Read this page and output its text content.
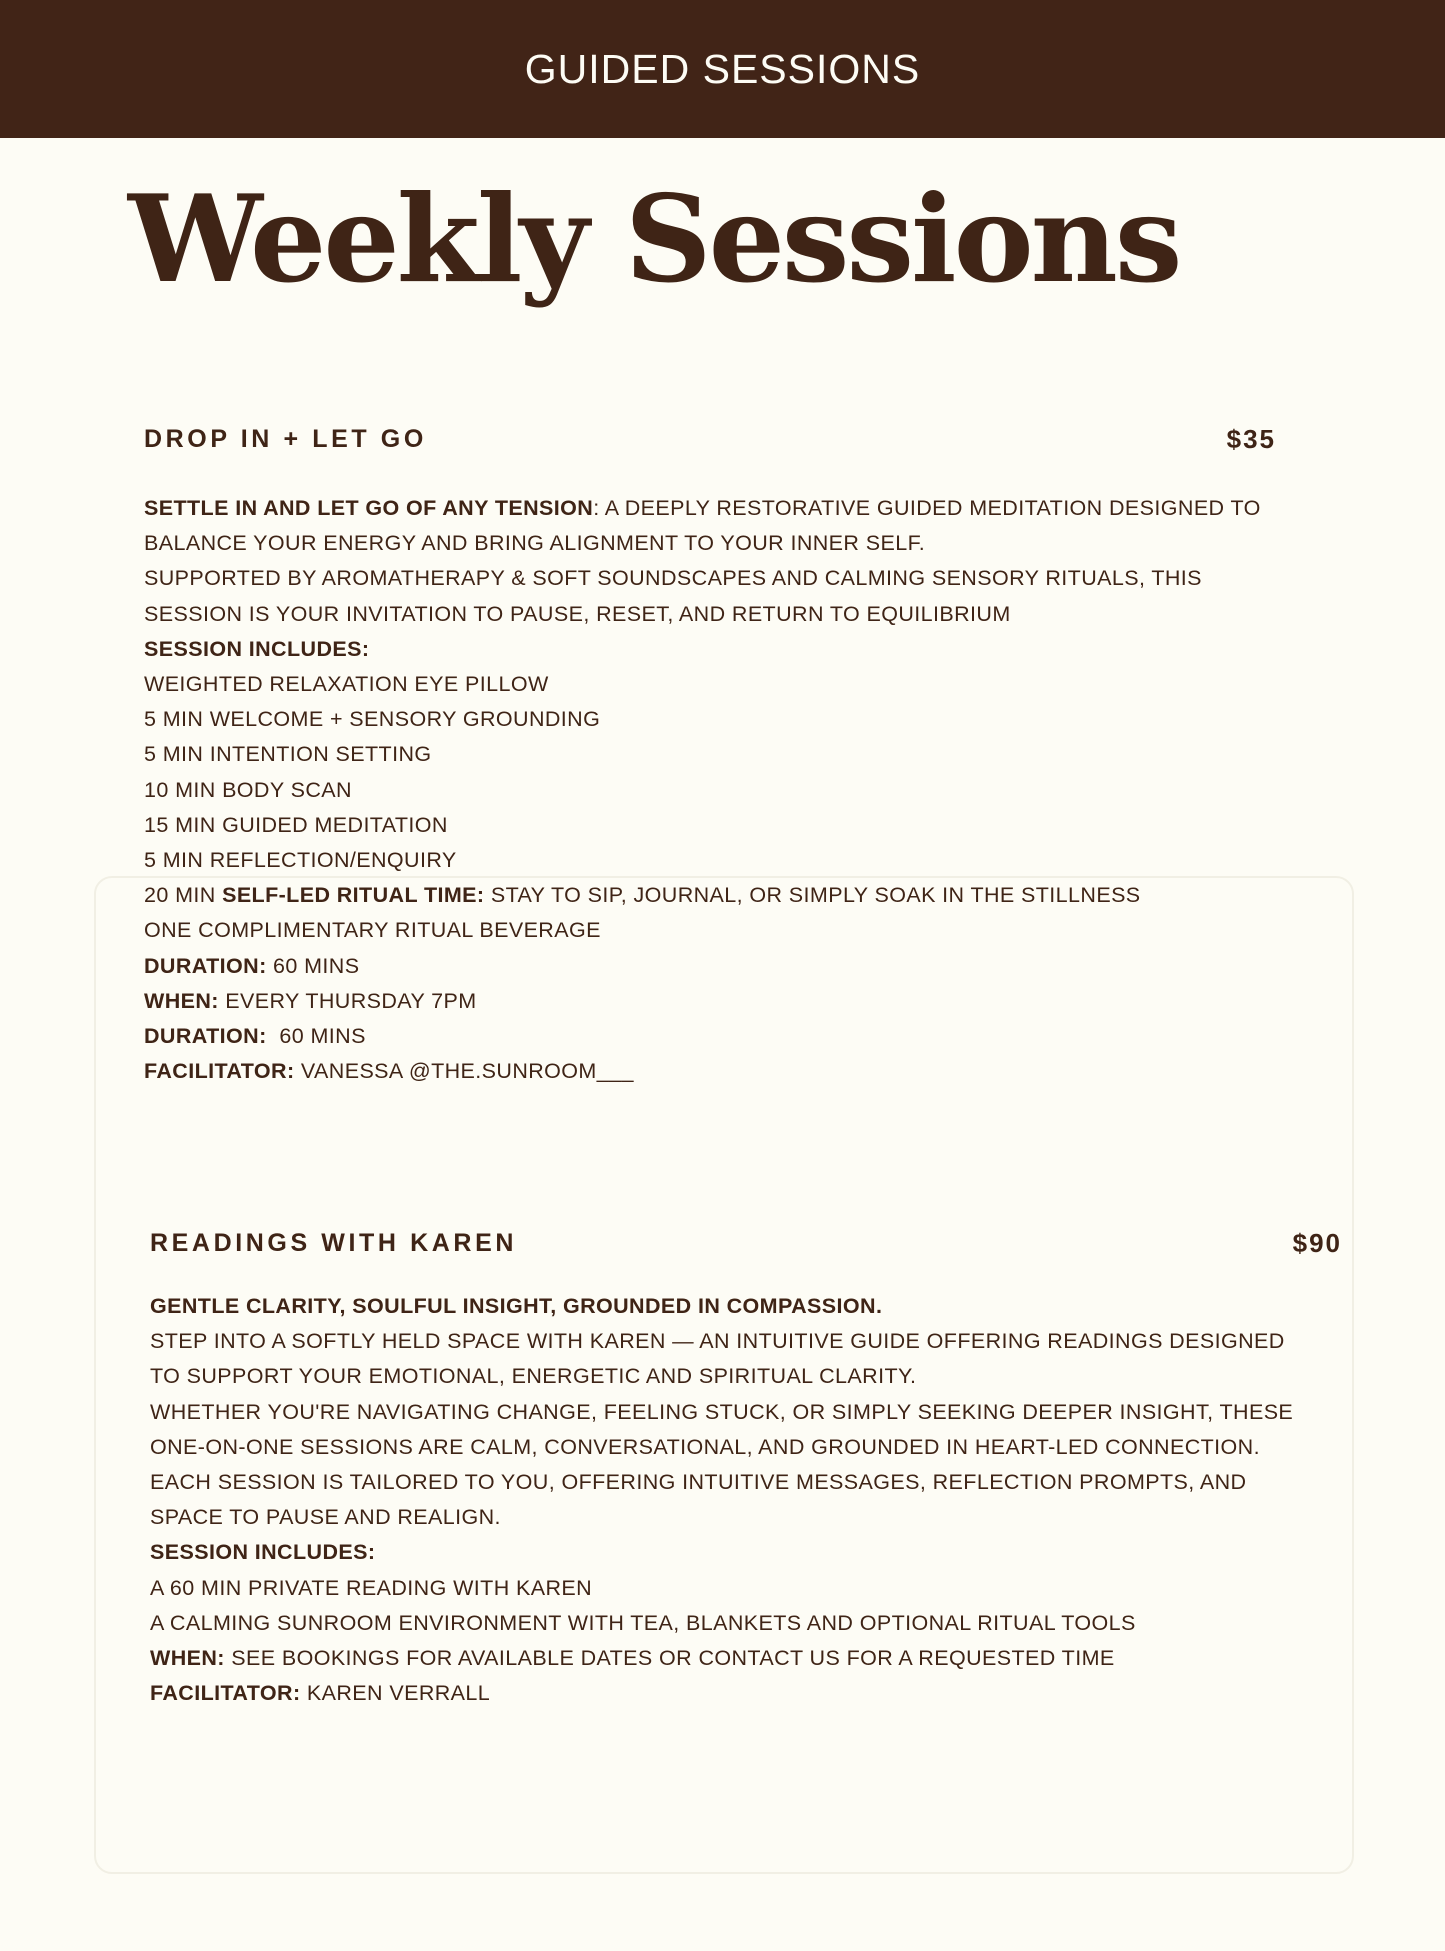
GUIDED SESSIONS
Weekly Sessions
DROP IN + LET GO	$35
SETTLE IN AND LET GO OF ANY TENSION: A DEEPLY RESTORATIVE GUIDED MEDITATION DESIGNED TO
BALANCE YOUR ENERGY AND BRING ALIGNMENT TO YOUR INNER SELF.
SUPPORTED BY AROMATHERAPY & SOFT SOUNDSCAPES AND CALMING SENSORY RITUALS, THIS
SESSION IS YOUR INVITATION TO PAUSE, RESET, AND RETURN TO EQUILIBRIUM
SESSION INCLUDES:
WEIGHTED RELAXATION EYE PILLOW
5 MIN WELCOME + SENSORY GROUNDING
5 MIN INTENTION SETTING
10 MIN BODY SCAN
15 MIN GUIDED MEDITATION
5 MIN REFLECTION/ENQUIRY
20 MIN SELF-LED RITUAL TIME: STAY TO SIP, JOURNAL, OR SIMPLY SOAK IN THE STILLNESS
ONE COMPLIMENTARY RITUAL BEVERAGE
DURATION: 60 MINS
WHEN: EVERY THURSDAY 7PM
DURATION:  60 MINS
FACILITATOR: VANESSA @THE.SUNROOM___
READINGS WITH KAREN	$90
GENTLE CLARITY, SOULFUL INSIGHT, GROUNDED IN COMPASSION.
STEP INTO A SOFTLY HELD SPACE WITH KAREN — AN INTUITIVE GUIDE OFFERING READINGS DESIGNED
TO SUPPORT YOUR EMOTIONAL, ENERGETIC AND SPIRITUAL CLARITY.
WHETHER YOU'RE NAVIGATING CHANGE, FEELING STUCK, OR SIMPLY SEEKING DEEPER INSIGHT, THESE
ONE-ON-ONE SESSIONS ARE CALM, CONVERSATIONAL, AND GROUNDED IN HEART-LED CONNECTION.
EACH SESSION IS TAILORED TO YOU, OFFERING INTUITIVE MESSAGES, REFLECTION PROMPTS, AND
SPACE TO PAUSE AND REALIGN.
SESSION INCLUDES:
A 60 MIN PRIVATE READING WITH KAREN
A CALMING SUNROOM ENVIRONMENT WITH TEA, BLANKETS AND OPTIONAL RITUAL TOOLS
WHEN: SEE BOOKINGS FOR AVAILABLE DATES OR CONTACT US FOR A REQUESTED TIME
FACILITATOR: KAREN VERRALL
